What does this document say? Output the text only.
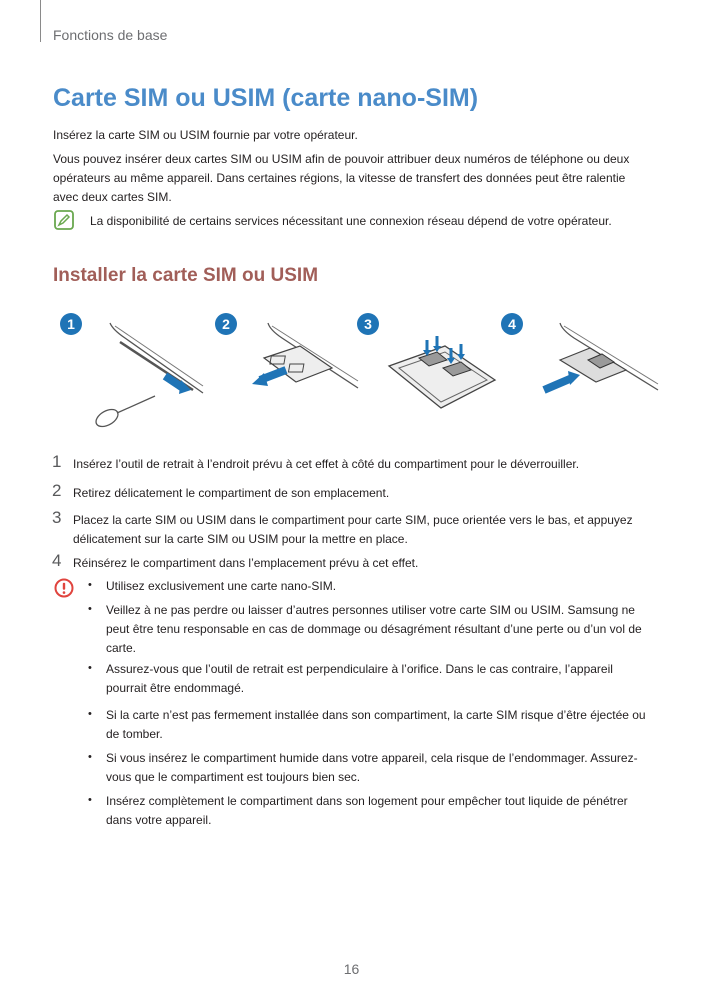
Fonctions de base
Carte SIM ou USIM (carte nano-SIM)

Insérez la carte SIM ou USIM fournie par votre opérateur.

Vous pouvez insérer deux cartes SIM ou USIM afin de pouvoir attribuer deux numéros de téléphone ou deux opérateurs au même appareil. Dans certaines régions, la vitesse de transfert des données peut être ralentie avec deux cartes SIM.

La disponibilité de certains services nécessitant une connexion réseau dépend de votre opérateur.
Installer la carte SIM ou USIM
1	2	3	4
1 Insérez l’outil de retrait à l’endroit prévu à cet effet à côté du compartiment pour le déverrouiller.

2 Retirez délicatement le compartiment de son emplacement.

3 Placez la carte SIM ou USIM dans le compartiment pour carte SIM, puce orientée vers le bas, et appuyez délicatement sur la carte SIM ou USIM pour la mettre en place.

4 Réinsérez le compartiment dans l’emplacement prévu à cet effet.

• Utilisez exclusivement une carte nano-SIM.

• Veillez à ne pas perdre ou laisser d’autres personnes utiliser votre carte SIM ou USIM. Samsung ne peut être tenu responsable en cas de dommage ou désagrément résultant d’une perte ou d’un vol de carte.

• Assurez-vous que l’outil de retrait est perpendiculaire à l’orifice. Dans le cas contraire, l’appareil pourrait être endommagé.

• Si la carte n’est pas fermement installée dans son compartiment, la carte SIM risque d’être éjectée ou de tomber.

• Si vous insérez le compartiment humide dans votre appareil, cela risque de l’endommager. Assurez-vous que le compartiment est toujours bien sec.

• Insérez complètement le compartiment dans son logement pour empêcher tout liquide de pénétrer dans votre appareil.

16
